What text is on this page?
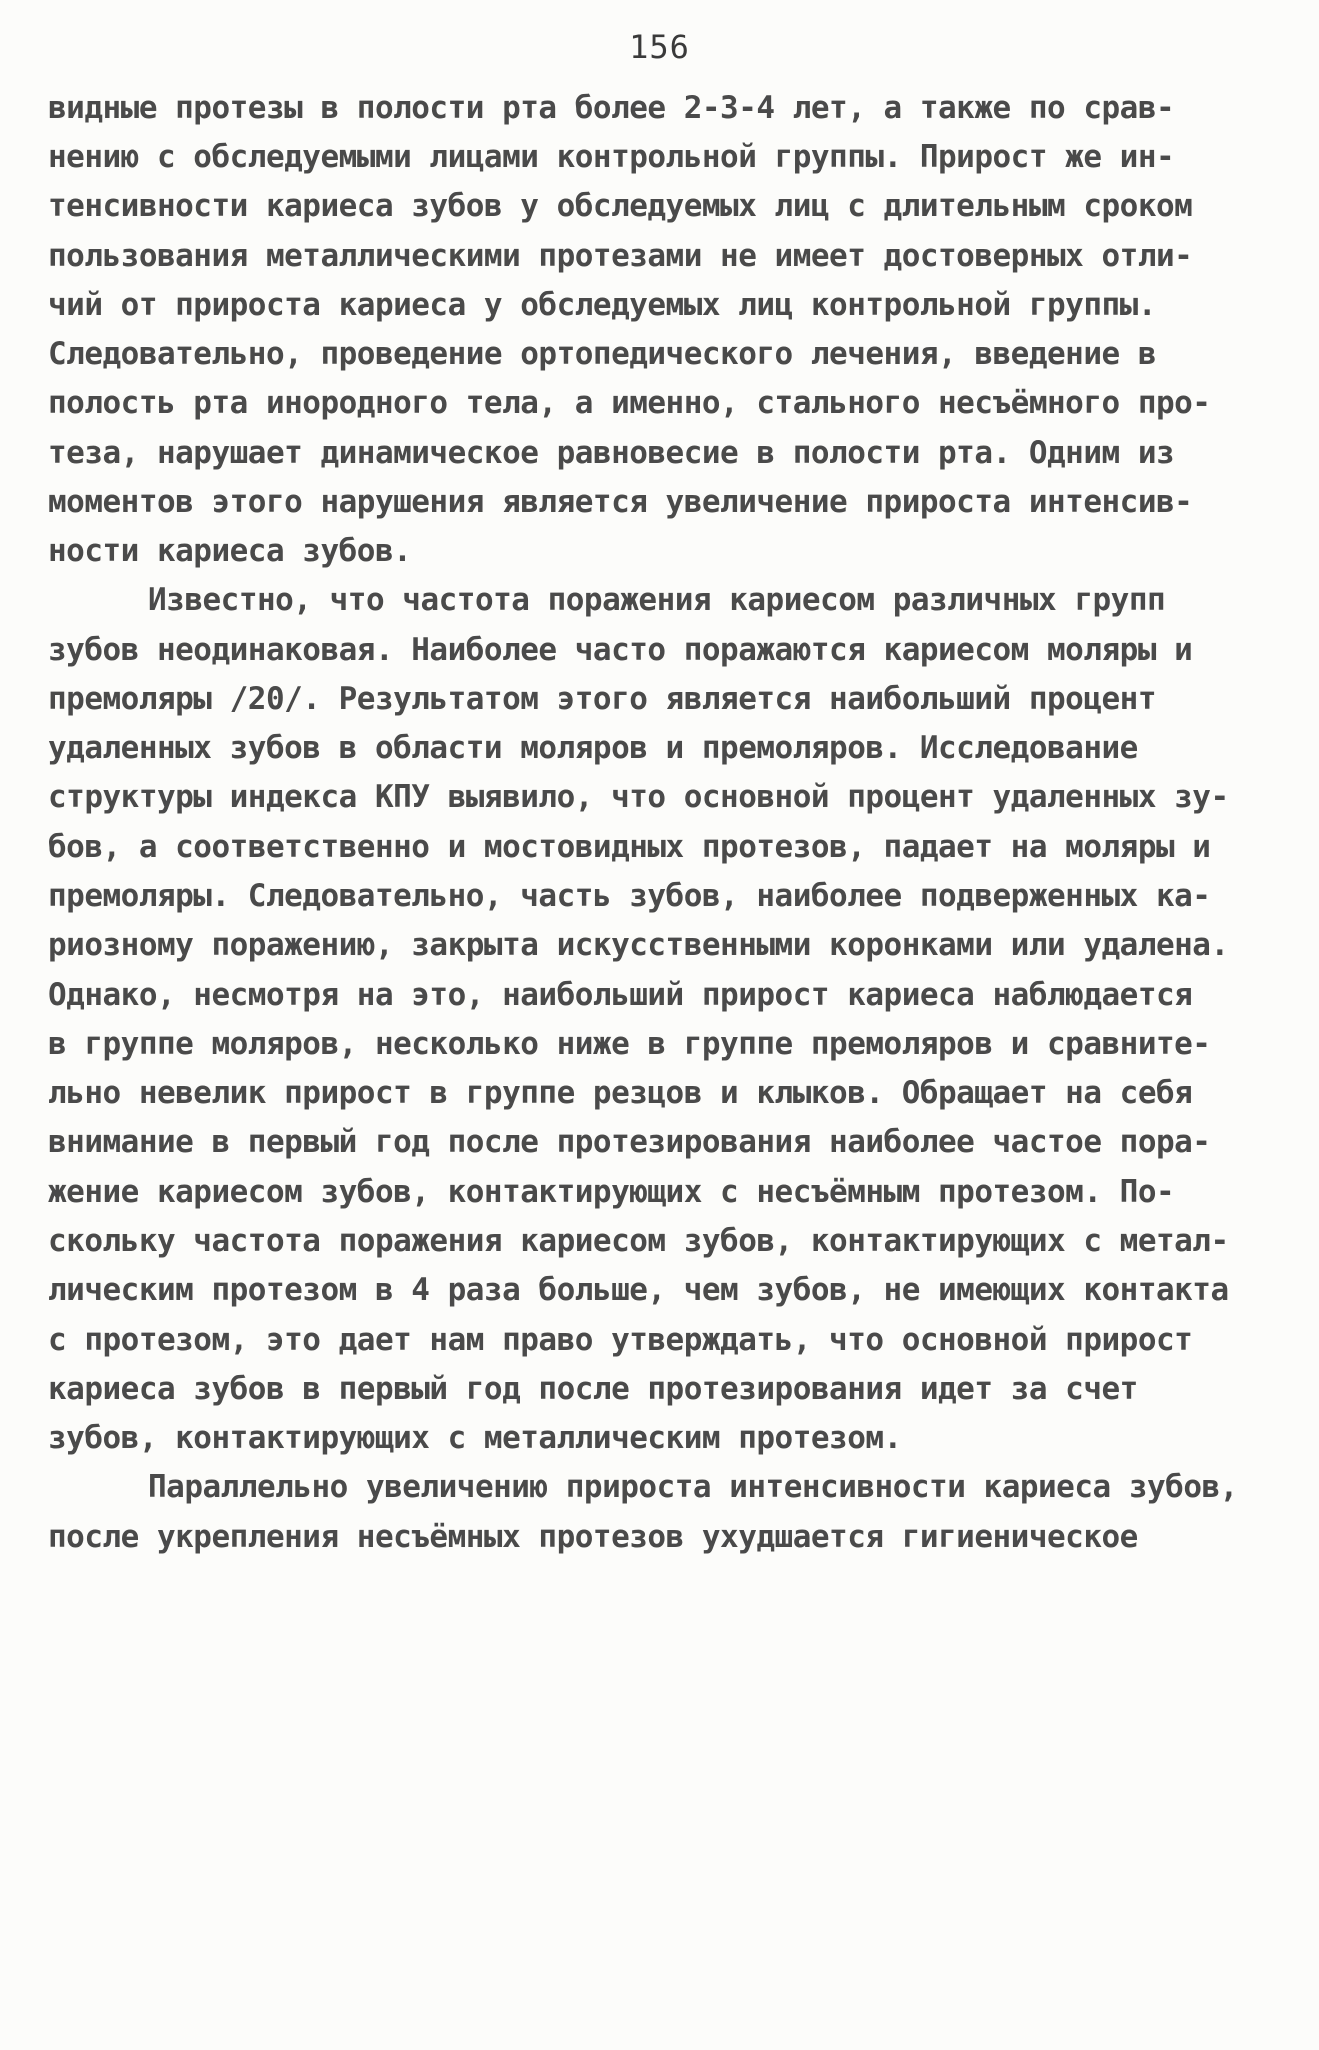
156
видные протезы в полости рта более 2-3-4 лет, а также по срав-
нению с обследуемыми лицами контрольной группы. Прирост же ин-
тенсивности кариеса зубов у обследуемых лиц с длительным сроком
пользования металлическими протезами не имеет достоверных отли-
чий от прироста кариеса у обследуемых лиц контрольной группы.
Следовательно, проведение ортопедического лечения, введение в
полость рта инородного тела, а именно, стального несъёмного про-
теза, нарушает динамическое равновесие в полости рта. Одним из
моментов этого нарушения является увеличение прироста интенсив-
ности кариеса зубов.
Известно, что частота поражения кариесом различных групп
зубов неодинаковая. Наиболее часто поражаются кариесом моляры и
премоляры /20/. Результатом этого является наибольший процент
удаленных зубов в области моляров и премоляров. Исследование
структуры индекса КПУ выявило, что основной процент удаленных зу-
бов, а соответственно и мостовидных протезов, падает на моляры и
премоляры. Следовательно, часть зубов, наиболее подверженных ка-
риозному поражению, закрыта искусственными коронками или удалена.
Однако, несмотря на это, наибольший прирост кариеса наблюдается
в группе моляров, несколько ниже в группе премоляров и сравните-
льно невелик прирост в группе резцов и клыков. Обращает на себя
внимание в первый год после протезирования наиболее частое пора-
жение кариесом зубов, контактирующих с несъёмным протезом. По-
скольку частота поражения кариесом зубов, контактирующих с метал-
лическим протезом в 4 раза больше, чем зубов, не имеющих контакта
с протезом, это дает нам право утверждать, что основной прирост
кариеса зубов в первый год после протезирования идет за счет
зубов, контактирующих с металлическим протезом.
Параллельно увеличению прироста интенсивности кариеса зубов,
после укрепления несъёмных протезов ухудшается гигиеническое
